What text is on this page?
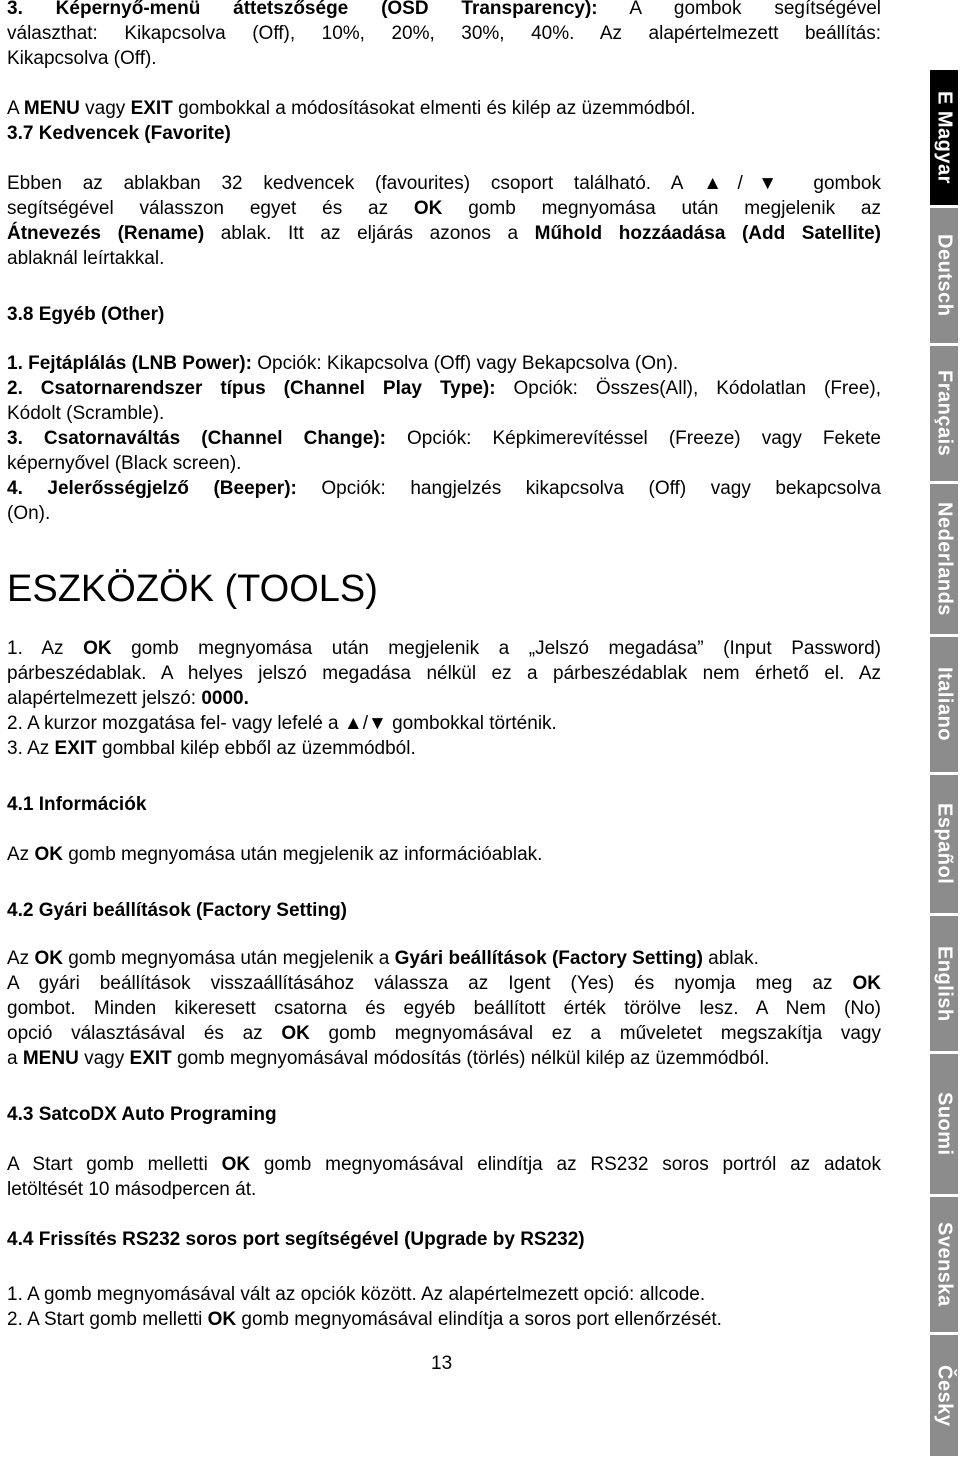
3. Képernyő-menü áttetszősége (OSD Transparency): A gombok segítségével

választhat: Kikapcsolva (Off), 10%, 20%, 30%, 40%. Az alapértelmezett beállítás:

Kikapcsolva (Off).

A MENU vagy EXIT gombokkal a módosításokat elmenti és kilép az üzemmódból.

3.7 Kedvencek (Favorite)

Ebben az ablakban 32 kedvencek (favourites) csoport található. A ▲/▼ gombok

segítségével válasszon egyet és az OK gomb megnyomása után megjelenik az

Átnevezés (Rename) ablak. Itt az eljárás azonos a Műhold hozzáadása (Add Satellite)

ablaknál leírtakkal.

3.8 Egyéb (Other)

1. Fejtáplálás (LNB Power): Opciók: Kikapcsolva (Off) vagy Bekapcsolva (On).

2. Csatornarendszer típus (Channel Play Type): Opciók: Összes(All), Kódolatlan (Free),

Kódolt (Scramble).

3. Csatornaváltás (Channel Change): Opciók: Képkimerevítéssel (Freeze) vagy Fekete

képernyővel (Black screen).

4. Jelerősségjelző (Beeper): Opciók: hangjelzés kikapcsolva (Off) vagy bekapcsolva

(On).

ESZKÖZÖK (TOOLS)

1. Az OK gomb megnyomása után megjelenik a „Jelszó megadása” (Input Password)

párbeszédablak. A helyes jelszó megadása nélkül ez a párbeszédablak nem érhető el. Az

alapértelmezett jelszó: 0000.

2. A kurzor mozgatása fel- vagy lefelé a ▲/▼ gombokkal történik.

3. Az EXIT gombbal kilép ebből az üzemmódból.

4.1 Információk

Az OK gomb megnyomása után megjelenik az információablak.

4.2 Gyári beállítások (Factory Setting)

Az OK gomb megnyomása után megjelenik a Gyári beállítások (Factory Setting) ablak.

A gyári beállítások visszaállításához válassza az Igent (Yes) és nyomja meg az OK

gombot. Minden kikeresett csatorna és egyéb beállított érték törölve lesz. A Nem (No)

opció választásával és az OK gomb megnyomásával ez a műveletet megszakítja vagy

a MENU vagy EXIT gomb megnyomásával módosítás (törlés) nélkül kilép az üzemmódból.

4.3 SatcoDX Auto Programing

A Start gomb melletti OK gomb megnyomásával elindítja az RS232 soros portról az adatok

letöltését 10 másodpercen át.

4.4 Frissítés RS232 soros port segítségével (Upgrade by RS232)

1. A gomb megnyomásával vált az opciók között. Az alapértelmezett opció: allcode.

2. A Start gomb melletti OK gomb megnyomásával elindítja a soros port ellenőrzését.

13
E Magyar
Deutsch
Français
Nederlands
Italiano
Español
English
Suomi
Svenska
Česky
